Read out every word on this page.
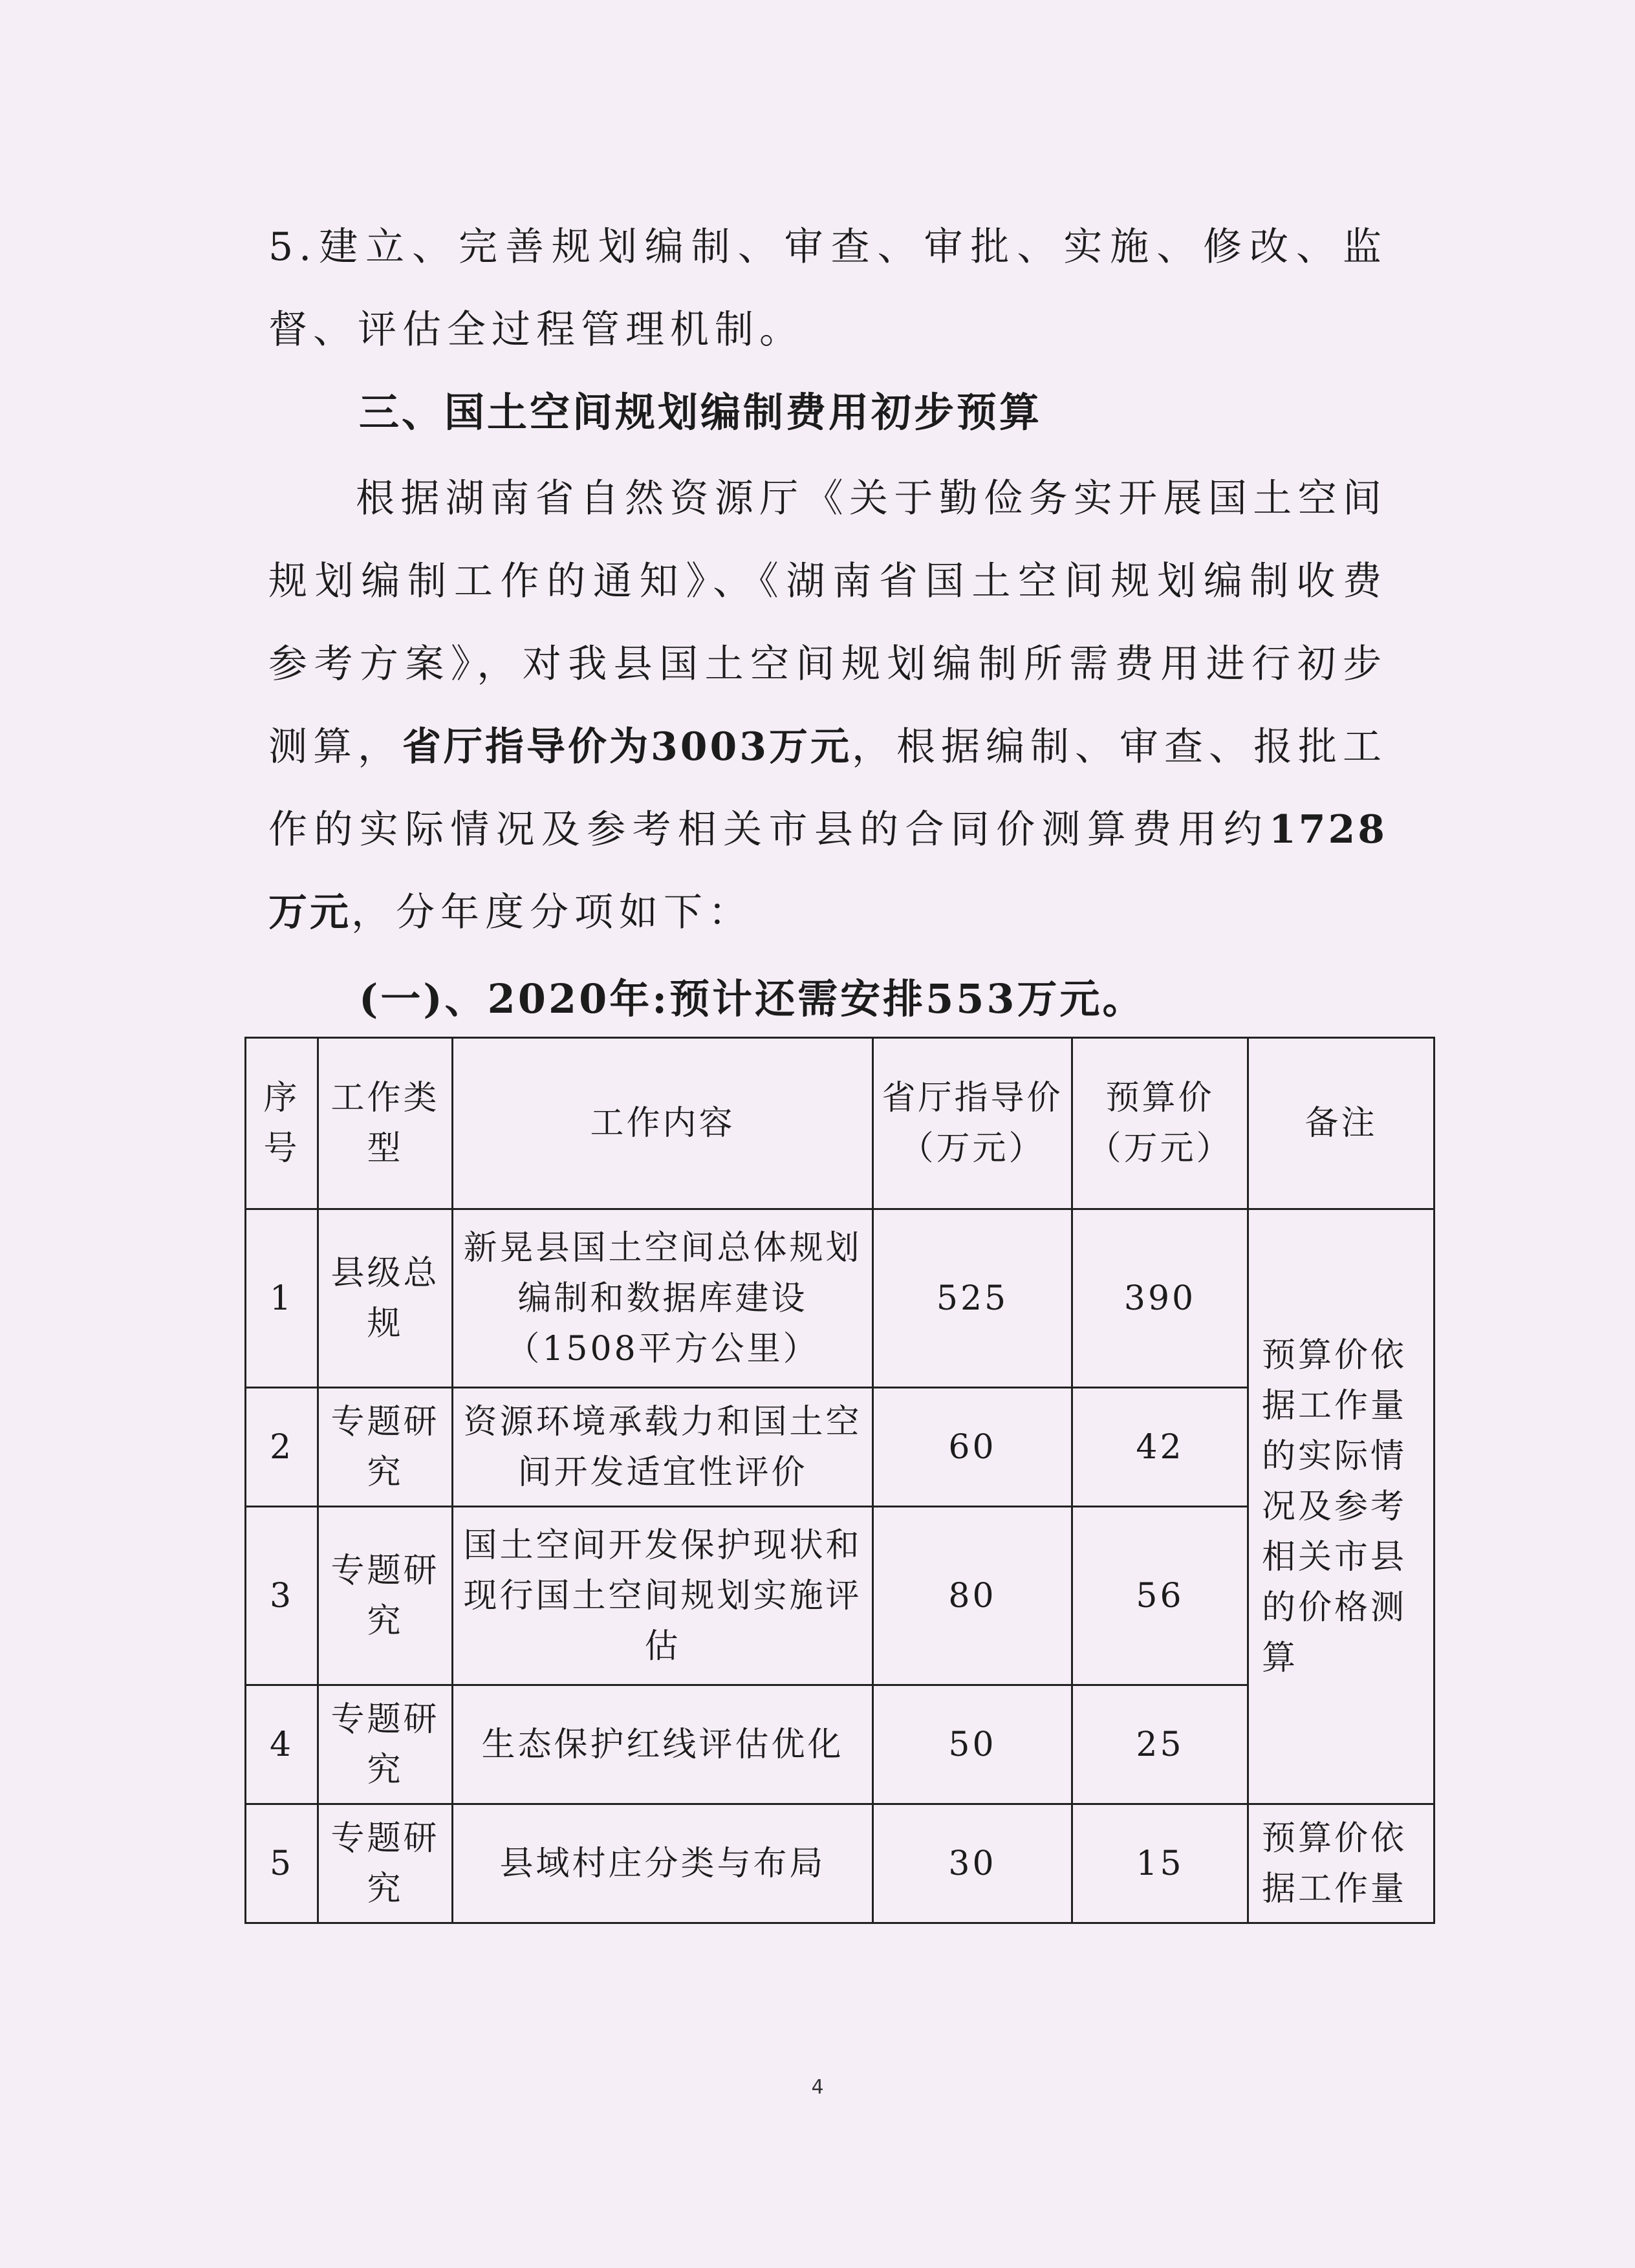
5.建立、完善规划编制、审查、审批、实施、修改、监督、评估全过程管理机制。

三、国土空间规划编制费用初步预算

根据湖南省自然资源厅《关于勤俭务实开展国土空间规划编制工作的通知》、《湖南省国土空间规划编制收费参考方案》，对我县国土空间规划编制所需费用进行初步测算，省厅指导价为3003万元，根据编制、审查、报批工作的实际情况及参考相关市县的合同价测算费用约1728万元，分年度分项如下：

(一)、2020年:预计还需安排553万元。

序号	工作类型	工作内容	省厅指导价（万元）	预算价（万元）	备注
1	县级总规	新晃县国土空间总体规划编制和数据库建设（1508平方公里）	525	390	预算价依据工作量的实际情况及参考相关市县的价格测算
2	专题研究	资源环境承载力和国土空间开发适宜性评价	60	42	
3	专题研究	国土空间开发保护现状和现行国土空间规划实施评估	80	56	
4	专题研究	生态保护红线评估优化	50	25	
5	专题研究	县域村庄分类与布局	30	15	预算价依据工作量
4
